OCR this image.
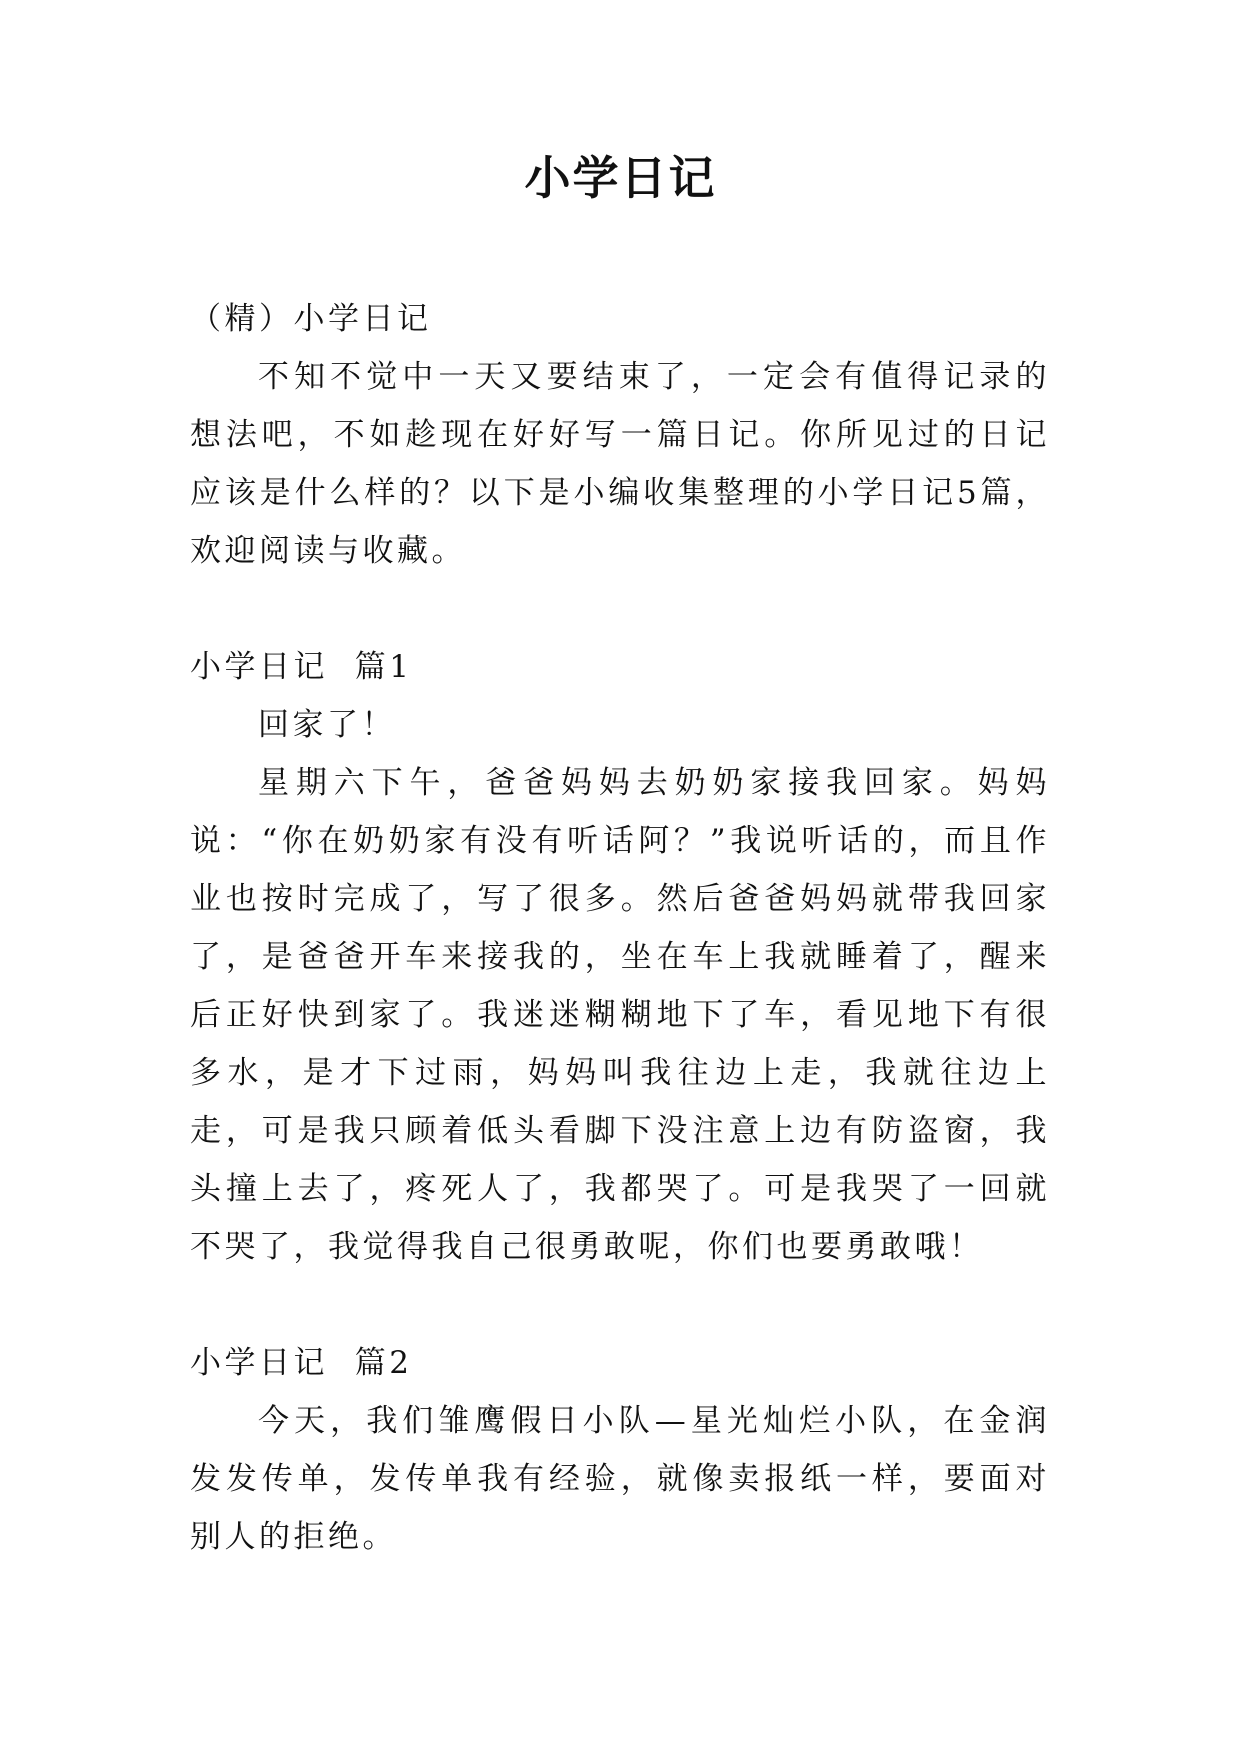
小学日记
（精）小学日记

不知不觉中一天又要结束了，一定会有值得记录的想法吧，不如趁现在好好写一篇日记。你所见过的日记应该是什么样的？以下是小编收集整理的小学日记5篇，欢迎阅读与收藏。

小学日记  篇1

回家了！

星期六下午，爸爸妈妈去奶奶家接我回家。妈妈说：“你在奶奶家有没有听话阿？”我说听话的，而且作业也按时完成了，写了很多。然后爸爸妈妈就带我回家了，是爸爸开车来接我的，坐在车上我就睡着了，醒来后正好快到家了。我迷迷糊糊地下了车，看见地下有很多水，是才下过雨，妈妈叫我往边上走，我就往边上走，可是我只顾着低头看脚下没注意上边有防盗窗，我头撞上去了，疼死人了，我都哭了。可是我哭了一回就不哭了，我觉得我自己很勇敢呢，你们也要勇敢哦！

小学日记  篇2

今天，我们雏鹰假日小队—星光灿烂小队，在金润发发传单，发传单我有经验，就像卖报纸一样，要面对别人的拒绝。
